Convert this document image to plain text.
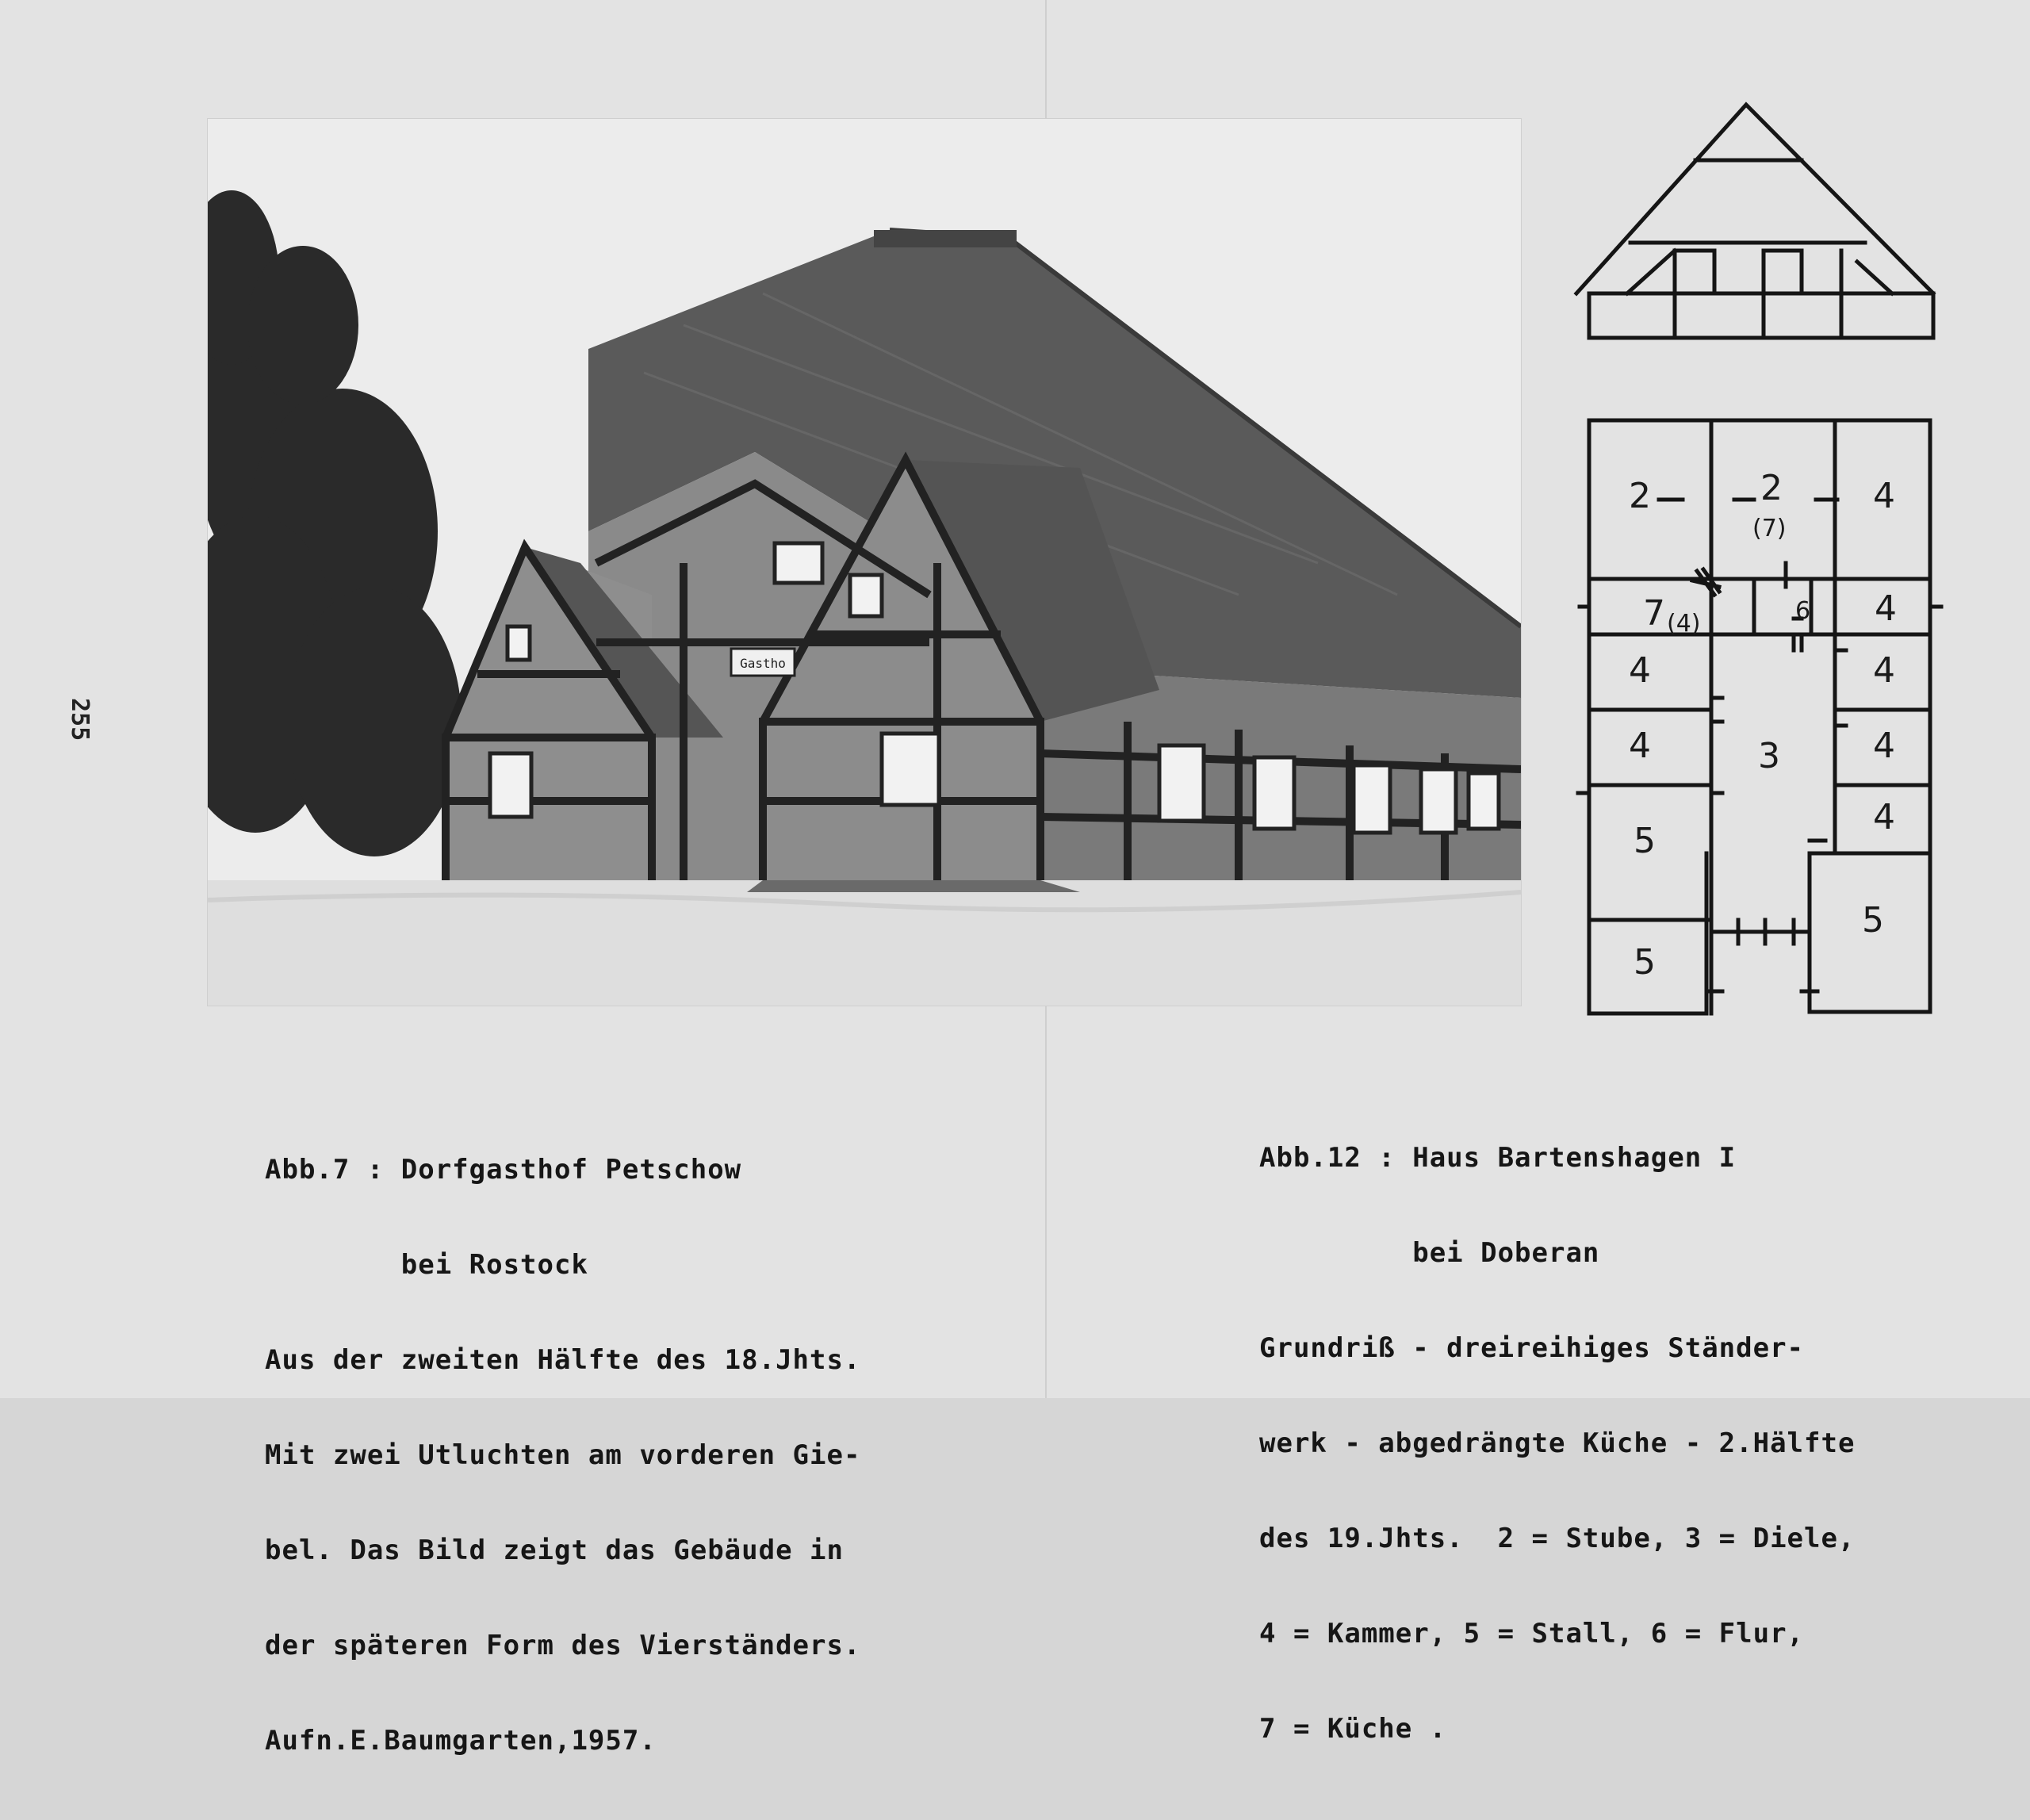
255
Gastho
2	2
(7)
4
7 (4)	6 4
4	4
4	3	4
4
5
5
5

Abb.7 : Dorfgasthof Petschow

bei Rostock

Aus der zweiten Hälfte des 18.Jhts.

Mit zwei Utluchten am vorderen Gie-

bel. Das Bild zeigt das Gebäude in

der späteren Form des Vierständers.

Aufn.E.Baumgarten,1957.

Abb.12 : Haus Bartenshagen I

bei Doberan

Grundriß - dreireihiges Ständer-

werk - abgedrängte Küche - 2.Hälfte

des 19.Jhts.  2 = Stube, 3 = Diele,

4 = Kammer, 5 = Stall, 6 = Flur,

7 = Küche .
